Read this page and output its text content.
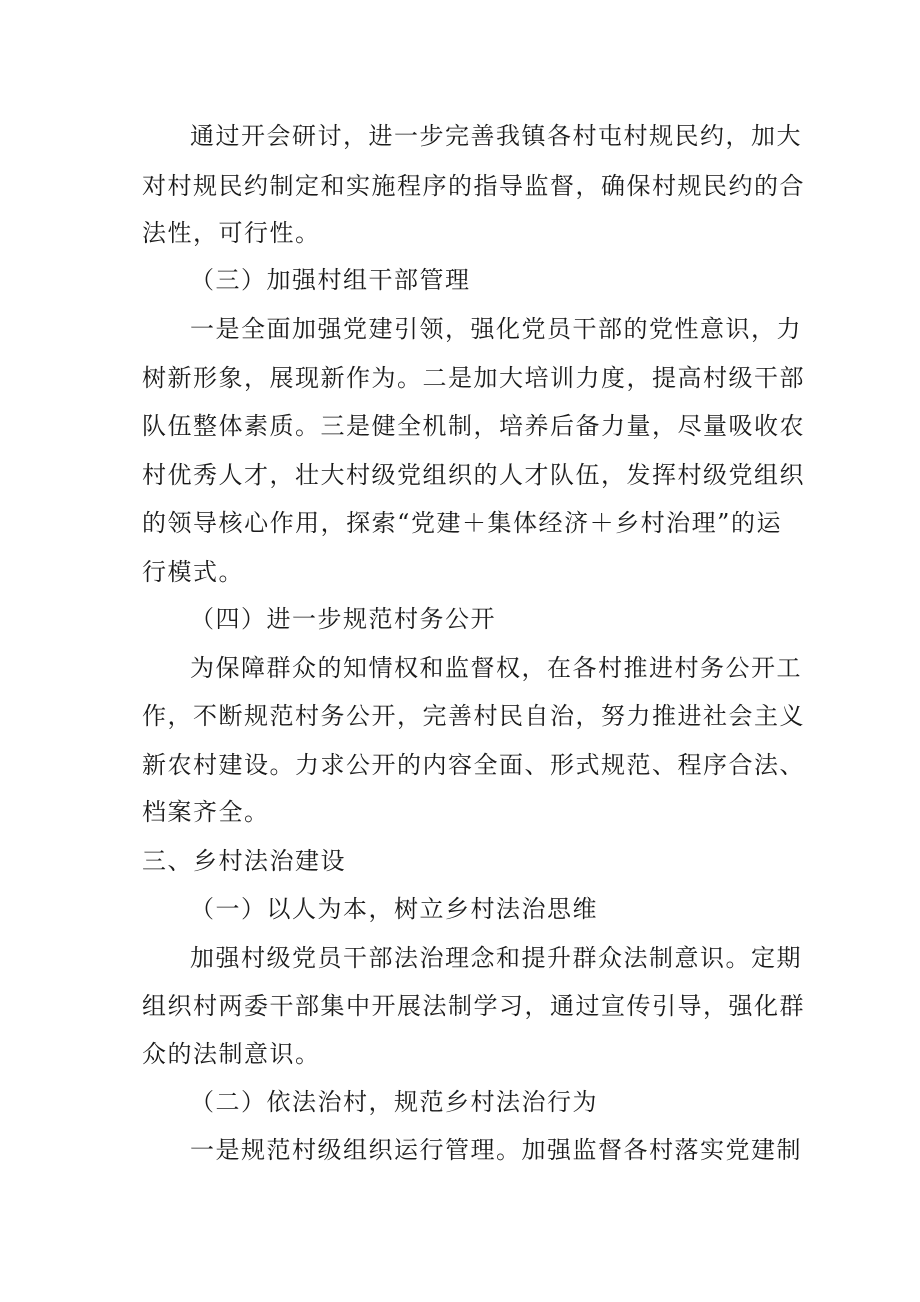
通过开会研讨，进一步完善我镇各村屯村规民约，加大
对村规民约制定和实施程序的指导监督，确保村规民约的合
法性，可行性。
（三）加强村组干部管理
一是全面加强党建引领，强化党员干部的党性意识，力
树新形象，展现新作为。二是加大培训力度，提高村级干部
队伍整体素质。三是健全机制，培养后备力量，尽量吸收农
村优秀人才，壮大村级党组织的人才队伍，发挥村级党组织
的领导核心作用，探索“党建＋集体经济＋乡村治理”的运
行模式。
（四）进一步规范村务公开
为保障群众的知情权和监督权，在各村推进村务公开工
作，不断规范村务公开，完善村民自治，努力推进社会主义
新农村建设。力求公开的内容全面、形式规范、程序合法、
档案齐全。
三、乡村法治建设
（一）以人为本，树立乡村法治思维
加强村级党员干部法治理念和提升群众法制意识。定期
组织村两委干部集中开展法制学习，通过宣传引导，强化群
众的法制意识。
（二）依法治村，规范乡村法治行为
一是规范村级组织运行管理。加强监督各村落实党建制
